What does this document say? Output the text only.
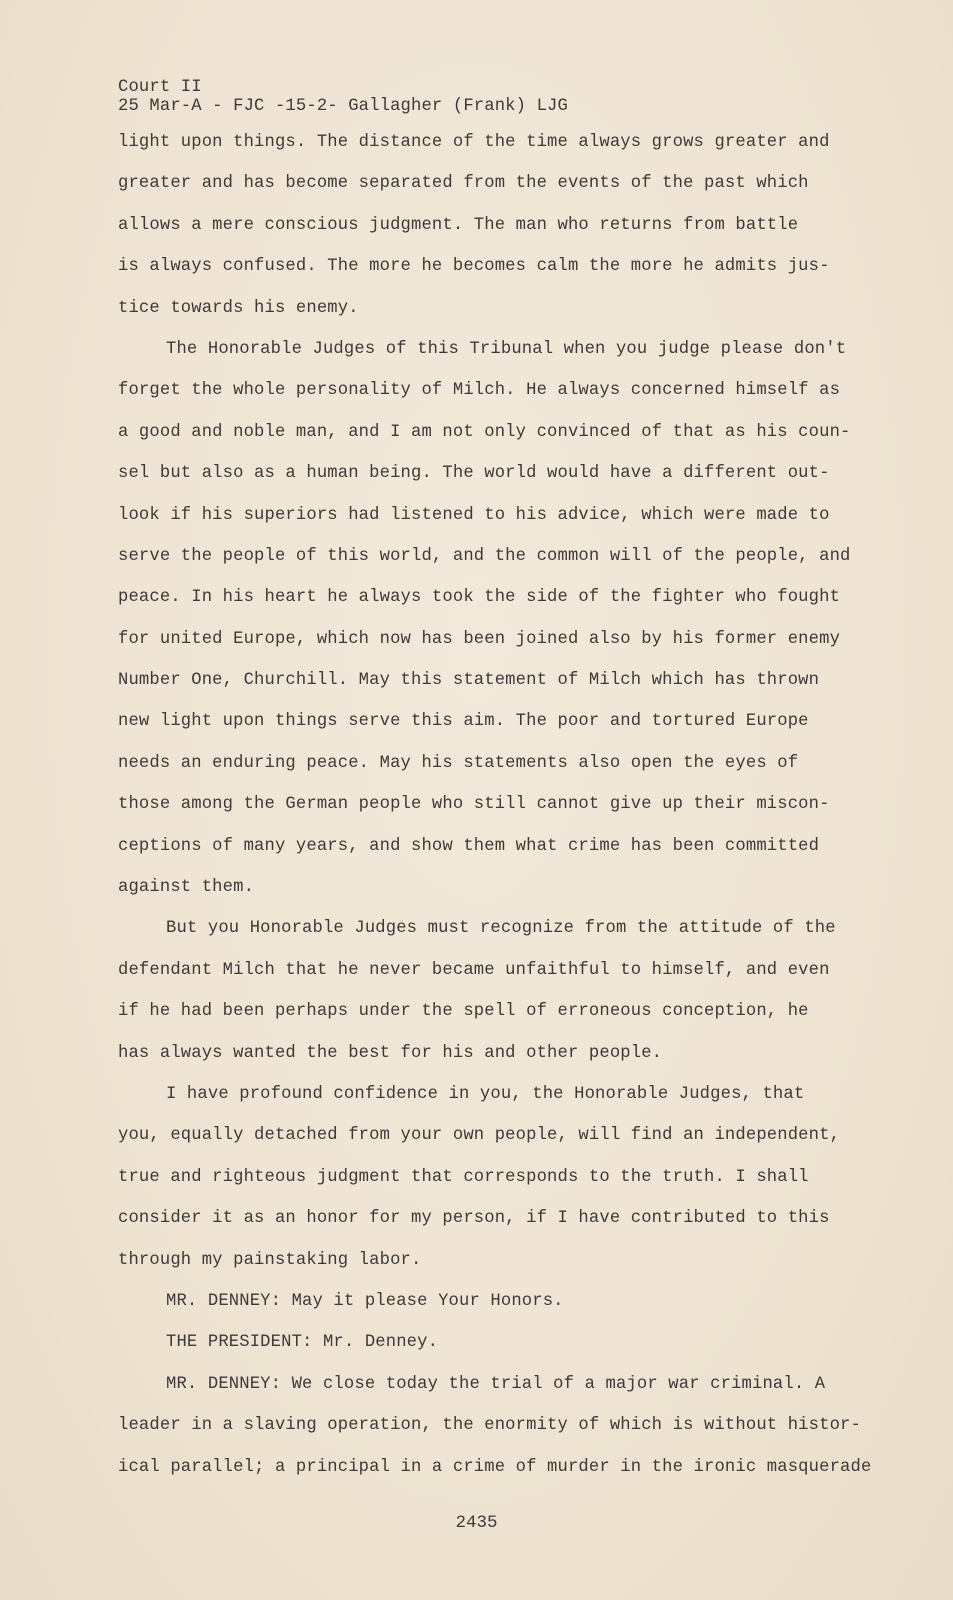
Court II

25 Mar-A - FJC -15-2- Gallagher (Frank) LJG

light upon things. The distance of the time always grows greater and

greater and has become separated from the events of the past which

allows a mere conscious judgment. The man who returns from battle

is always confused. The more he becomes calm the more he admits jus-

tice towards his enemy.

The Honorable Judges of this Tribunal when you judge please don't

forget the whole personality of Milch. He always concerned himself as

a good and noble man, and I am not only convinced of that as his coun-

sel but also as a human being. The world would have a different out-

look if his superiors had listened to his advice, which were made to

serve the people of this world, and the common will of the people, and

peace. In his heart he always took the side of the fighter who fought

for united Europe, which now has been joined also by his former enemy

Number One, Churchill. May this statement of Milch which has thrown

new light upon things serve this aim. The poor and tortured Europe

needs an enduring peace. May his statements also open the eyes of

those among the German people who still cannot give up their miscon-

ceptions of many years, and show them what crime has been committed

against them.

But you Honorable Judges must recognize from the attitude of the

defendant Milch that he never became unfaithful to himself, and even

if he had been perhaps under the spell of erroneous conception, he

has always wanted the best for his and other people.

I have profound confidence in you, the Honorable Judges, that

you, equally detached from your own people, will find an independent,

true and righteous judgment that corresponds to the truth. I shall

consider it as an honor for my person, if I have contributed to this

through my painstaking labor.

MR. DENNEY: May it please Your Honors.

THE PRESIDENT: Mr. Denney.

MR. DENNEY: We close today the trial of a major war criminal. A

leader in a slaving operation, the enormity of which is without histor-

ical parallel; a principal in a crime of murder in the ironic masquerade

2435
